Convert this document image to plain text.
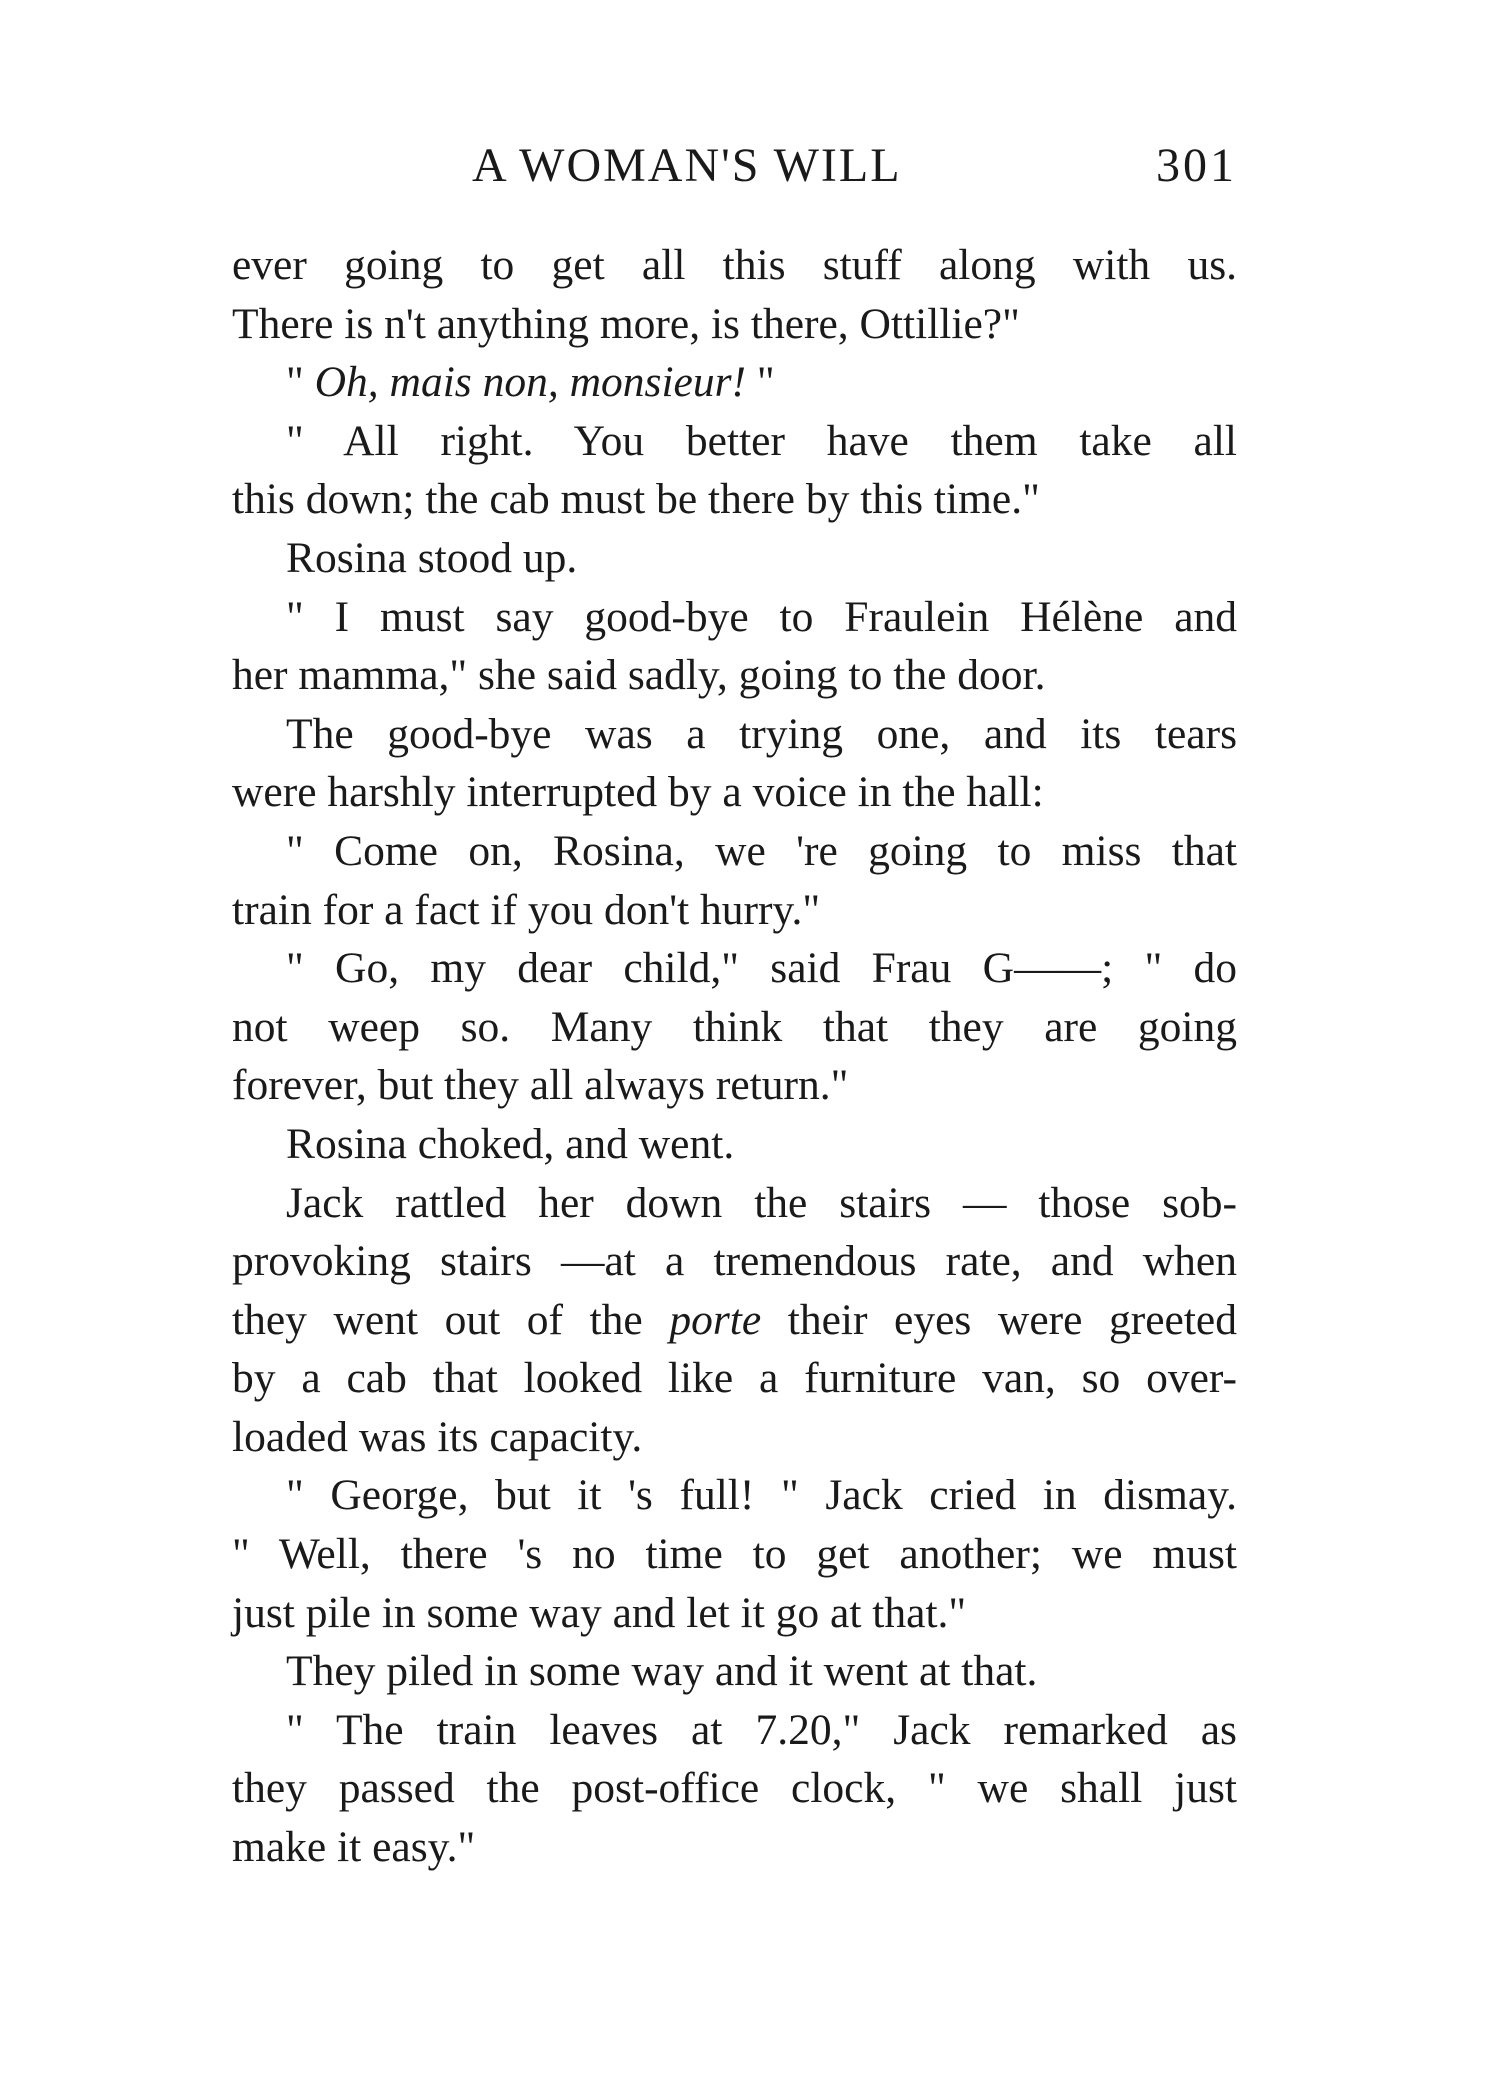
A WOMAN'S WILL	301
ever going to get all this stuff along with us.
There is n't anything more, is there, Ottillie?"
" Oh, mais non, monsieur! "
" All right. You better have them take all
this down; the cab must be there by this time."
Rosina stood up.
" I must say good-bye to Fraulein Hélène and
her mamma," she said sadly, going to the door.
The good-bye was a trying one, and its tears
were harshly interrupted by a voice in the hall:
" Come on, Rosina, we 're going to miss that
train for a fact if you don't hurry."
" Go, my dear child," said Frau G——; " do
not weep so. Many think that they are going
forever, but they all always return."
Rosina choked, and went.
Jack rattled her down the stairs — those sob-
provoking stairs —at a tremendous rate, and when
they went out of the porte their eyes were greeted
by a cab that looked like a furniture van, so over-
loaded was its capacity.
" George, but it 's full! " Jack cried in dismay.
" Well, there 's no time to get another; we must
just pile in some way and let it go at that."
They piled in some way and it went at that.
" The train leaves at 7.20," Jack remarked as
they passed the post-office clock, " we shall just
make it easy."
